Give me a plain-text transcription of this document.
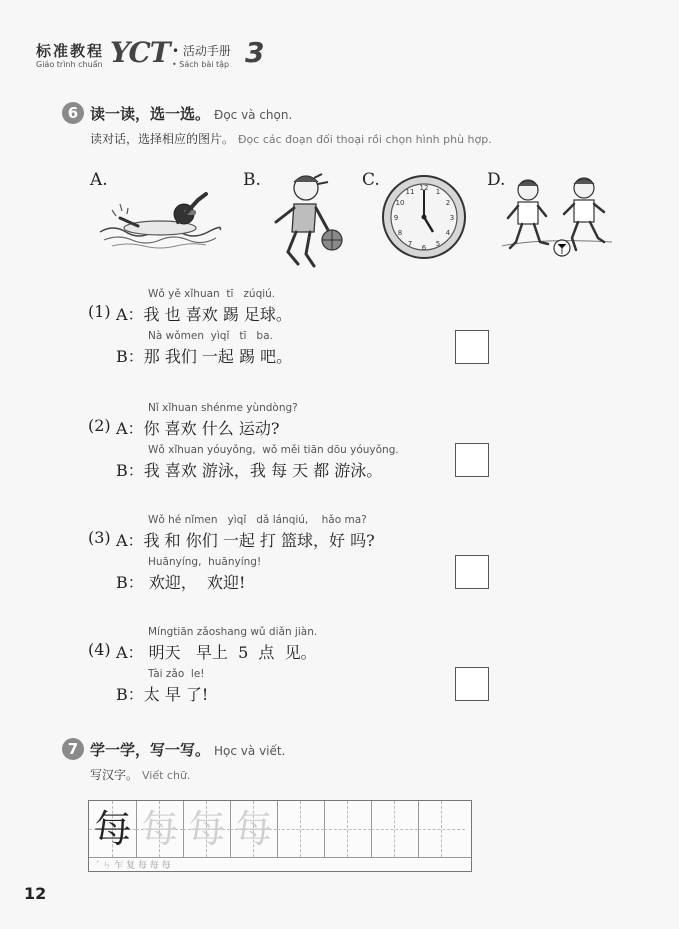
标准教程
Giáo trình chuẩn YCT • 活动手册
• Sách bài tập 3
6 读一读，选一选。 Đọc và chọn.
读对话，选择相应的图片。 Đọc các đoạn đối thoại rồi chọn hình phù hợp.
A.	B.	C.	D.
12 1
2
3
4
5
6
7
8
9
10
11
Wǒ yě xǐhuan  tī   zúqiú.
(1) A：我 也 喜欢 踢 足球。
Nà wǒmen  yìqǐ   tī   ba.
B：那 我们 一起 踢 吧。
Nǐ xǐhuan shénme yùndòng?
(2) A：你 喜欢 什么 运动?
Wǒ xǐhuan yóuyǒng,  wǒ měi tiān dōu yóuyǒng.
B：我 喜欢 游泳，我 每 天 都 游泳。
Wǒ hé nǐmen   yìqǐ   dǎ lánqiú,    hǎo ma?
(3) A：我 和 你们 一起 打 篮球，好 吗?
Huānyíng,  huānyíng!
B： 欢迎，  欢迎!
Míngtiān zǎoshang wǔ diǎn jiàn.
(4) A： 明天   早上  5  点  见。
Tài zǎo  le!
B：太 早 了!
7 学一学，写一写。 Học và viết.
写汉字。 Viết chữ.
每 每 每 每
ˊ ㄣ 乍 复 每 每 每
12
